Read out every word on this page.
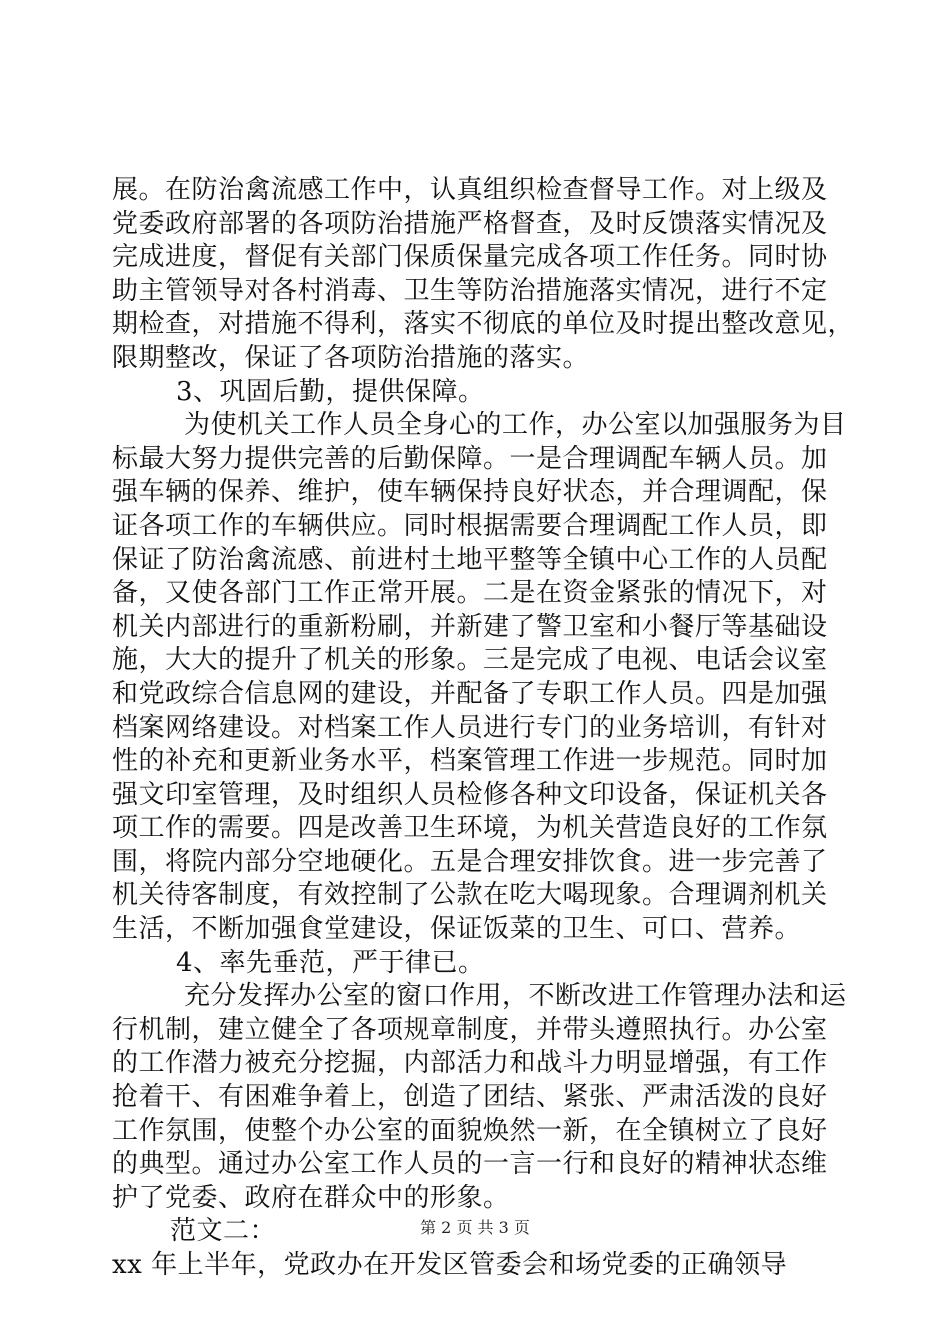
展。在防治禽流感工作中，认真组织检查督导工作。对上级及
党委政府部署的各项防治措施严格督查，及时反馈落实情况及
完成进度，督促有关部门保质保量完成各项工作任务。同时协
助主管领导对各村消毒、卫生等防治措施落实情况，进行不定
期检查，对措施不得利，落实不彻底的单位及时提出整改意见，
限期整改，保证了各项防治措施的落实。
3、巩固后勤，提供保障。
为使机关工作人员全身心的工作，办公室以加强服务为目
标最大努力提供完善的后勤保障。一是合理调配车辆人员。加
强车辆的保养、维护，使车辆保持良好状态，并合理调配，保
证各项工作的车辆供应。同时根据需要合理调配工作人员，即
保证了防治禽流感、前进村土地平整等全镇中心工作的人员配
备，又使各部门工作正常开展。二是在资金紧张的情况下，对
机关内部进行的重新粉刷，并新建了警卫室和小餐厅等基础设
施，大大的提升了机关的形象。三是完成了电视、电话会议室
和党政综合信息网的建设，并配备了专职工作人员。四是加强
档案网络建设。对档案工作人员进行专门的业务培训，有针对
性的补充和更新业务水平，档案管理工作进一步规范。同时加
强文印室管理，及时组织人员检修各种文印设备，保证机关各
项工作的需要。四是改善卫生环境，为机关营造良好的工作氛
围，将院内部分空地硬化。五是合理安排饮食。进一步完善了
机关待客制度，有效控制了公款在吃大喝现象。合理调剂机关
生活，不断加强食堂建设，保证饭菜的卫生、可口、营养。
4、率先垂范，严于律已。
充分发挥办公室的窗口作用，不断改进工作管理办法和运
行机制，建立健全了各项规章制度，并带头遵照执行。办公室
的工作潜力被充分挖掘，内部活力和战斗力明显增强，有工作
抢着干、有困难争着上，创造了团结、紧张、严肃活泼的良好
工作氛围，使整个办公室的面貌焕然一新，在全镇树立了良好
的典型。通过办公室工作人员的一言一行和良好的精神状态维
护了党委、政府在群众中的形象。
范文二：
xx 年上半年，党政办在开发区管委会和场党委的正确领导
第 2 页 共 3 页
